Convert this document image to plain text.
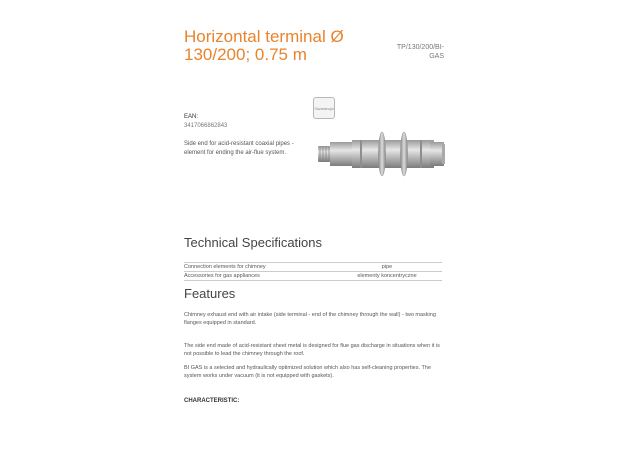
Horizontal terminal Ø 130/200; 0.75 m	TP/130/200/BI-GAS
Gwarancja
EAN:
3417066862843
Side end for acid-resistant coaxial pipes - element for ending the air-flue system.
Technical Specifications
Connection elements for chimney	pipe
Accessories for gas appliances	elementy koncentryczne
Features

Chimney exhaust end with air intake (side terminal - end of the chimney through the wall) - two masking flanges equipped in standard.

The side end made of acid-resistant sheet metal is designed for flue gas discharge in situations when it is not possible to lead the chimney through the roof.

BI GAS is a selected and hydraulically optimized solution which also has self-cleaning properties. The system works under vacuum (it is not equipped with gaskets).

CHARACTERISTIC:
